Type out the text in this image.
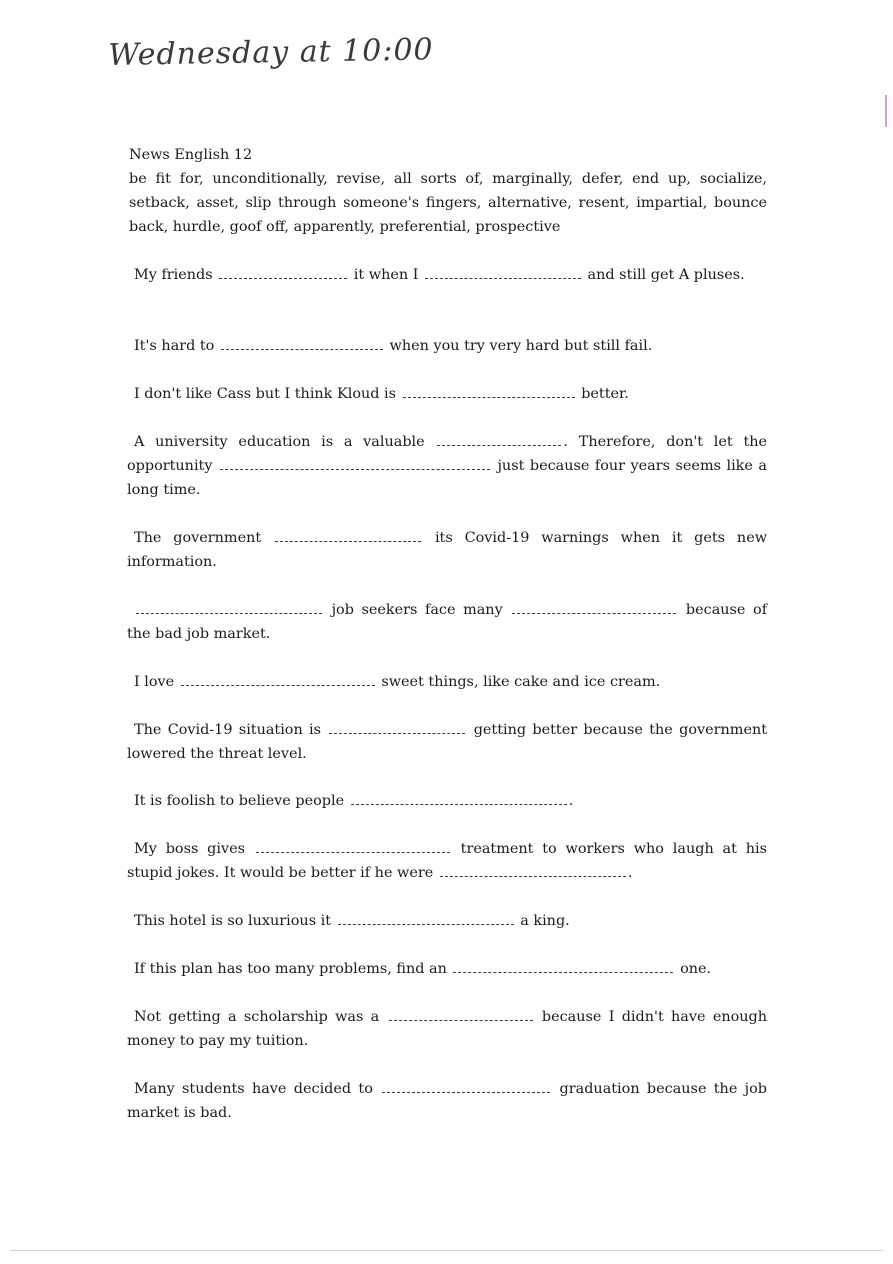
Wednesday at 10:00
News English 12
be fit for, unconditionally, revise, all sorts of, marginally, defer, end up, socialize, setback, asset, slip through someone's fingers, alternative, resent, impartial, bounce back, hurdle, goof off, apparently, preferential, prospective
My friends	it when I	and still get A pluses.
It's hard to	when you try very hard but still fail.
I don't like Cass but I think Kloud is	better.
A university education is a valuable	. Therefore, don't let the opportunity	just because four years seems like a long time.
The government	its Covid-19 warnings when it gets new information.
job seekers face many	because of the bad job market.
I love	sweet things, like cake and ice cream.
The Covid-19 situation is	getting better because the government lowered the threat level.
It is foolish to believe people	.
My boss gives	treatment to workers who laugh at his stupid jokes. It would be better if he were	.
This hotel is so luxurious it	a king.
If this plan has too many problems, find an	one.
Not getting a scholarship was a	because I didn't have enough money to pay my tuition.
Many students have decided to	graduation because the job market is bad.
